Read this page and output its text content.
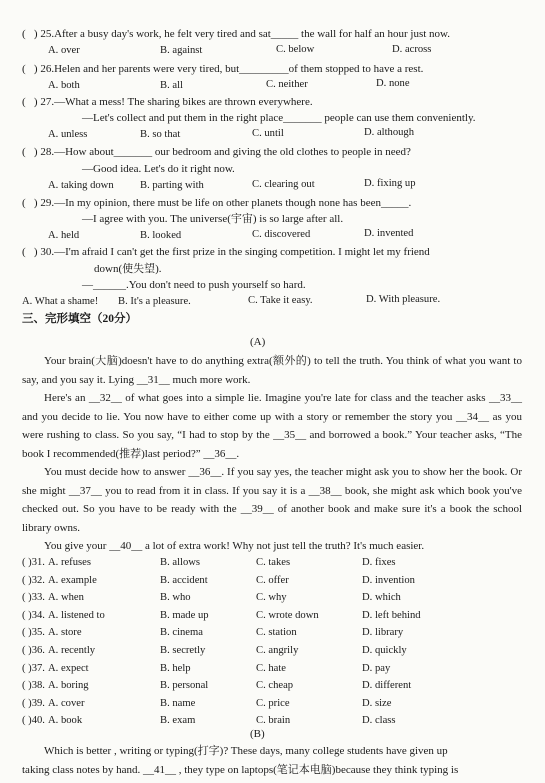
(   ) 25.After a busy day's work, he felt very tired and sat_____ the wall for half an hour just now.
A. over	B. against	C. below	D. across
(   ) 26.Helen and her parents were very tired, but_________of them stopped to have a rest.
A. both	B. all	C. neither	D. none
(   ) 27.—What a mess! The sharing bikes are thrown everywhere.
—Let's collect and put them in the right place_______ people can use them conveniently.
A. unless	B. so that	C. until	D. although
(   ) 28.—How about_______ our bedroom and giving the old clothes to people in need?
—Good idea. Let's do it right now.
A. taking down B. parting with	C. clearing out	D. fixing up
(   ) 29.—In my opinion, there must be life on other planets though none has been_____.
—I agree with you. The universe(宇宙) is so large after all.
A. held	B. looked	C. discovered	D. invented
(   ) 30.—I'm afraid I can't get the first prize in the singing competition. I might let my friend
down(使失望).
—______.You don't need to push yourself so hard.
A. What a shame! B. It's a pleasure.	C. Take it easy.	D. With pleasure.
三、完形填空（20分）
(A)
Your brain(大脑)doesn't have to do anything extra(额外的) to tell the truth. You think of what you want to say, and you say it. Lying __31__ much more work.
Here's an __32__ of what goes into a simple lie. Imagine you're late for class and the teacher asks __33__ and you decide to lie. You now have to either come up with a story or remember the story you __34__ as you were rushing to class. So you say, “I had to stop by the __35__ and borrowed a book.” Your teacher asks, “The book I recommended(推荐)last period?” __36__.
You must decide how to answer __36__. If you say yes, the teacher might ask you to show her the book. Or she might __37__ you to read from it in class. If you say it is a __38__ book, she might ask which book you've checked out. So you have to be ready with the __39__ of another book and make sure it's a book the school library owns.
You give your __40__ a lot of extra work! Why not just tell the truth? It's much easier.
( )31. A. refuses	B. allows	C. takes	D. fixes
( )32. A. example	B. accident	C. offer	D. invention
( )33. A. when	B. who	C. why	D. which
( )34. A. listened to	B. made up	C. wrote down	D. left behind
( )35. A. store	B. cinema	C. station	D. library
( )36. A. recently	B. secretly	C. angrily	D. quickly
( )37. A. expect	B. help	C. hate	D. pay
( )38. A. boring	B. personal	C. cheap	D. different
( )39. A. cover	B. name	C. price	D. size
( )40. A. book	B. exam	C. brain	D. class
(B)
Which is better , writing or typing(打字)? These days, many college students have given up
taking class notes by hand. __41__ , they type on laptops(笔记本电脑)because they think typing is
